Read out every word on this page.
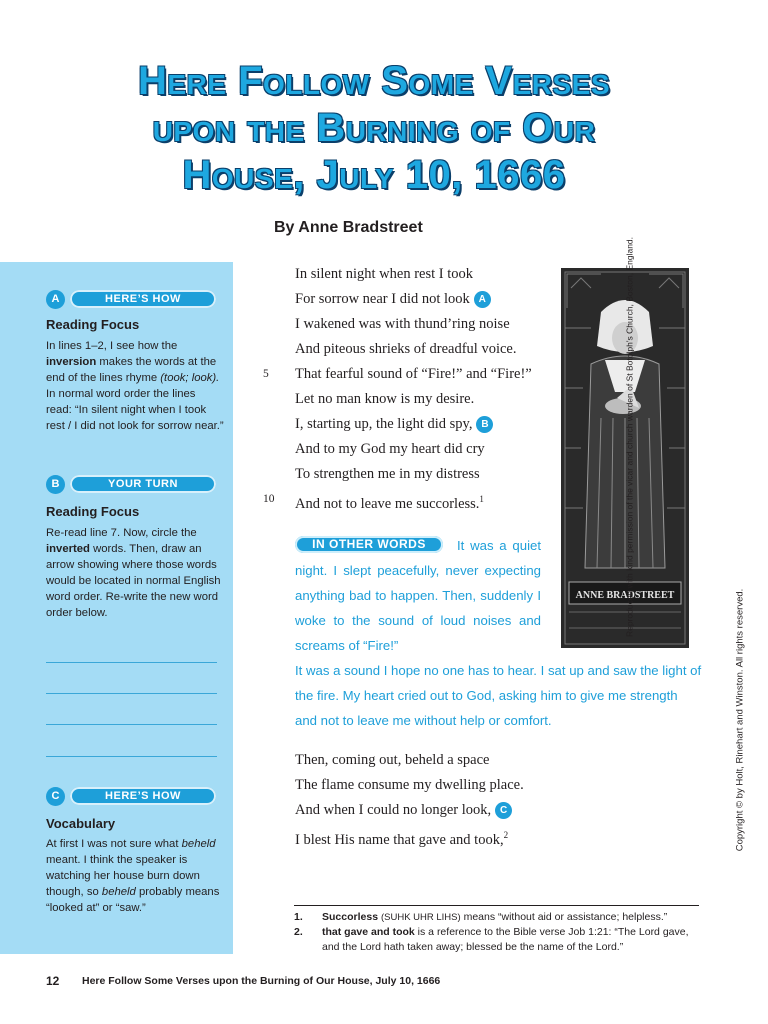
Here Follow Some Verses
upon the Burning of Our
House, July 10, 1666
By Anne Bradstreet
A	HERE’S HOW
Reading Focus

In lines 1–2, I see how the inversion makes the words at the end of the lines rhyme (took; look). In normal word order the lines read: “In silent night when I took rest / I did not look for sorrow near.”

B	YOUR TURN
Reading Focus

Re-read line 7. Now, circle the inverted words. Then, draw an arrow showing where those words would be located in normal English word order. Re-write the new word order below.

C	HERE’S HOW
Vocabulary

At first I was not sure what beheld meant. I think the speaker is watching her house burn down though, so beheld probably means “looked at” or “saw.”

In silent night when rest I took
For sorrow near I did not look A
I wakened was with thund’ring noise
And piteous shrieks of dreadful voice.
5 That fearful sound of “Fire!” and “Fire!”
Let no man know is my desire.
I, starting up, the light did spy, B
And to my God my heart did cry
To strengthen me in my distress
10 And not to leave me succorless.$^1$

It was a quiet night. I slept peacefully, never expecting anything bad to happen. Then, suddenly I woke to the sound of loud noises and screams of “Fire!”

IN OTHER WORDS

It was a sound I hope no one has to hear. I sat up and saw the light of the fire. My heart cried out to God, asking him to give me strength and not to leave me without help or comfort.

Then, coming out, beheld a space
The flame consume my dwelling place.
And when I could no longer look, C
I blest His name that gave and took,$^2$
ANNE BRADSTREET
Reproduced with kind permission of the vicar and church warden of St Botolph’s Church, Boston, England.
Copyright © by Holt, Rinehart and Winston. All rights reserved.
1. Succorless (SUHK UHR LIHS) means “without aid or assistance; helpless.”
2. that gave and took is a reference to the Bible verse Job 1:21: “The Lord gave, and the Lord hath taken away; blessed be the name of the Lord.”
12 Here Follow Some Verses upon the Burning of Our House, July 10, 1666
